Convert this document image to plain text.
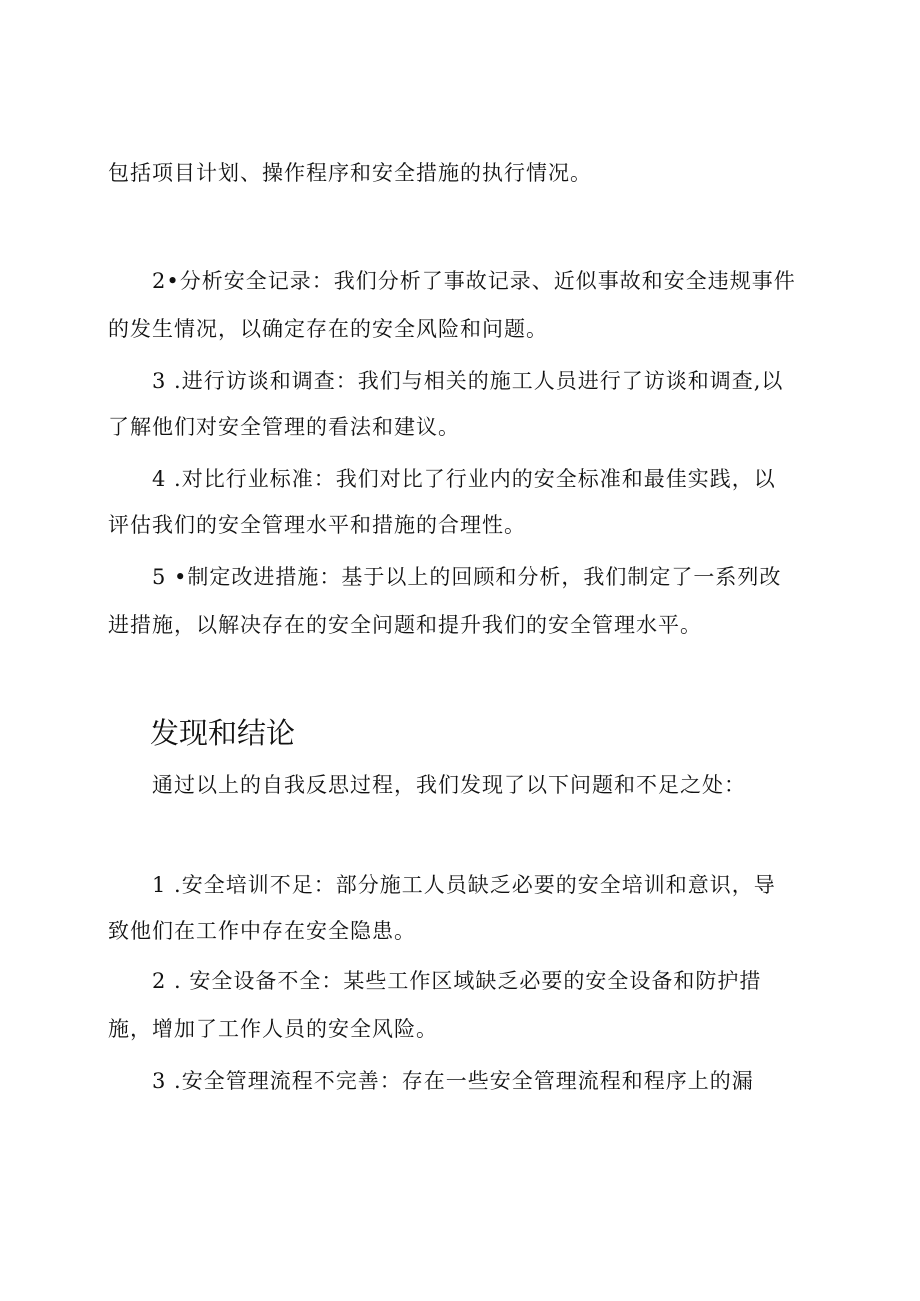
包括项目计划、操作程序和安全措施的执行情况。
2•分析安全记录：我们分析了事故记录、近似事故和安全违规事件
的发生情况，以确定存在的安全风险和问题。
3 .进行访谈和调查：我们与相关的施工人员进行了访谈和调查,以
了解他们对安全管理的看法和建议。
4 .对比行业标准：我们对比了行业内的安全标准和最佳实践，以
评估我们的安全管理水平和措施的合理性。
5 •制定改进措施：基于以上的回顾和分析，我们制定了一系列改
进措施，以解决存在的安全问题和提升我们的安全管理水平。
发现和结论
通过以上的自我反思过程，我们发现了以下问题和不足之处：
1 .安全培训不足：部分施工人员缺乏必要的安全培训和意识，导
致他们在工作中存在安全隐患。
2 . 安全设备不全：某些工作区域缺乏必要的安全设备和防护措
施，增加了工作人员的安全风险。
3 .安全管理流程不完善：存在一些安全管理流程和程序上的漏
